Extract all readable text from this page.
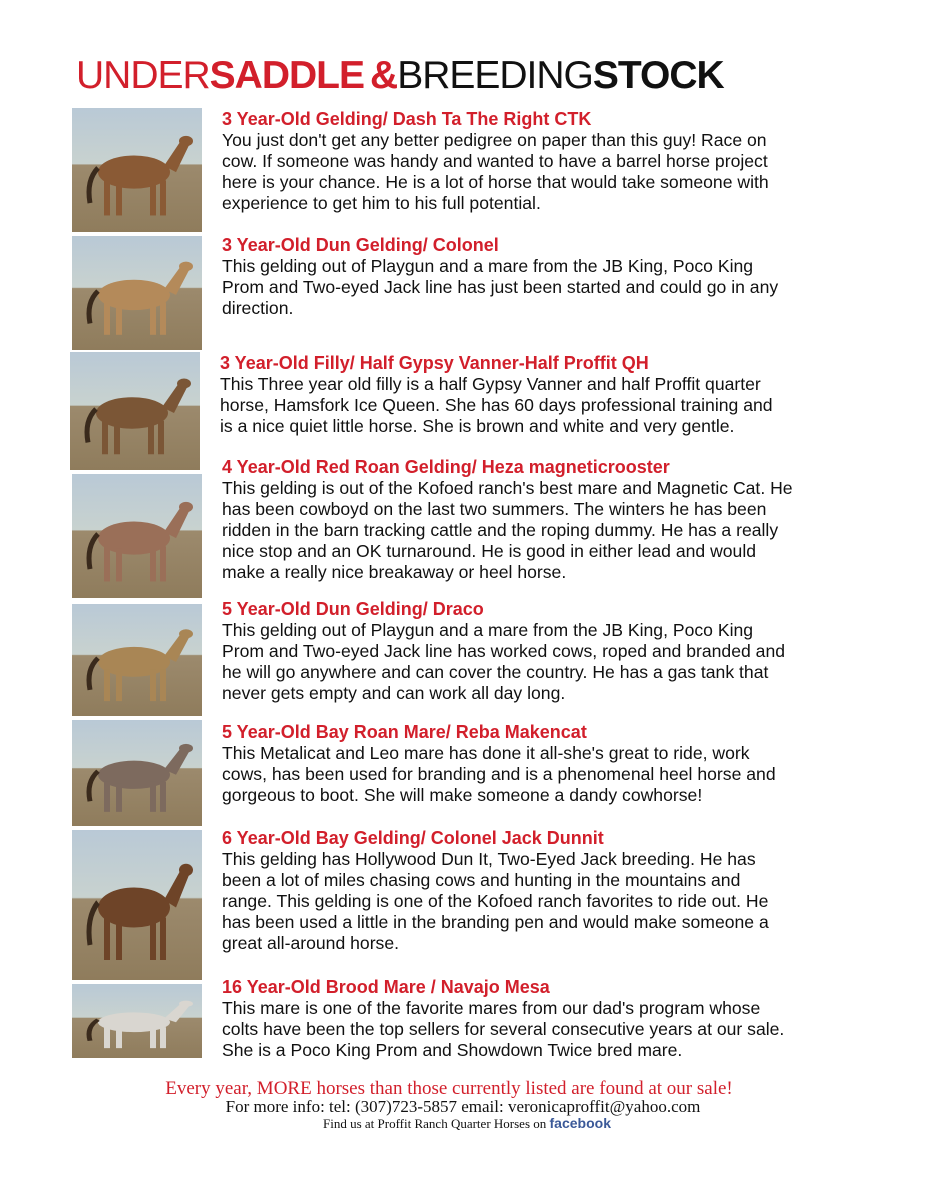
UNDERSADDLE &BREEDINGSTOCK

3 Year-Old Gelding/ Dash Ta The Right CTK

You just don't get any better pedigree on paper than this guy! Race on
cow. If someone was handy and wanted to have a barrel horse project
here is your chance. He is a lot of horse that would take someone with
experience to get him to his full potential.

3 Year-Old Dun Gelding/ Colonel

This gelding out of Playgun and a mare from the JB King, Poco King
Prom and Two-eyed Jack line has just been started and could go in any
direction.

3 Year-Old Filly/ Half Gypsy Vanner-Half Proffit QH

This Three year old filly is a half Gypsy Vanner and half Proffit quarter
horse, Hamsfork Ice Queen. She has 60 days professional training and
is a nice quiet little horse. She is brown and white and very gentle.

4 Year-Old Red Roan Gelding/ Heza magneticrooster

This gelding is out of the Kofoed ranch's best mare and Magnetic Cat. He
has been cowboyd on the last two summers. The winters he has been
ridden in the barn tracking cattle and the roping dummy. He has a really
nice stop and an OK turnaround. He is good in either lead and would
make a really nice breakaway or heel horse.

5 Year-Old Dun Gelding/ Draco

This gelding out of Playgun and a mare from the JB King, Poco King
Prom and Two-eyed Jack line has worked cows, roped and branded and
he will go anywhere and can cover the country. He has a gas tank that
never gets empty and can work all day long.

5 Year-Old Bay Roan Mare/ Reba Makencat

This Metalicat and Leo mare has done it all-she's great to ride, work
cows, has been used for branding and is a phenomenal heel horse and
gorgeous to boot. She will make someone a dandy cowhorse!

6 Year-Old Bay Gelding/ Colonel Jack Dunnit

This gelding has Hollywood Dun It, Two-Eyed Jack breeding. He has
been a lot of miles chasing cows and hunting in the mountains and
range. This gelding is one of the Kofoed ranch favorites to ride out. He
has been used a little in the branding pen and would make someone a
great all-around horse.

16 Year-Old Brood Mare / Navajo Mesa

This mare is one of the favorite mares from our dad's program whose
colts have been the top sellers for several consecutive years at our sale.
She is a Poco King Prom and Showdown Twice bred mare.

Every year, MORE horses than those currently listed are found at our sale!
For more info: tel: (307)723-5857 email: veronicaproffit@yahoo.com
Find us at Proffit Ranch Quarter Horses on facebook
